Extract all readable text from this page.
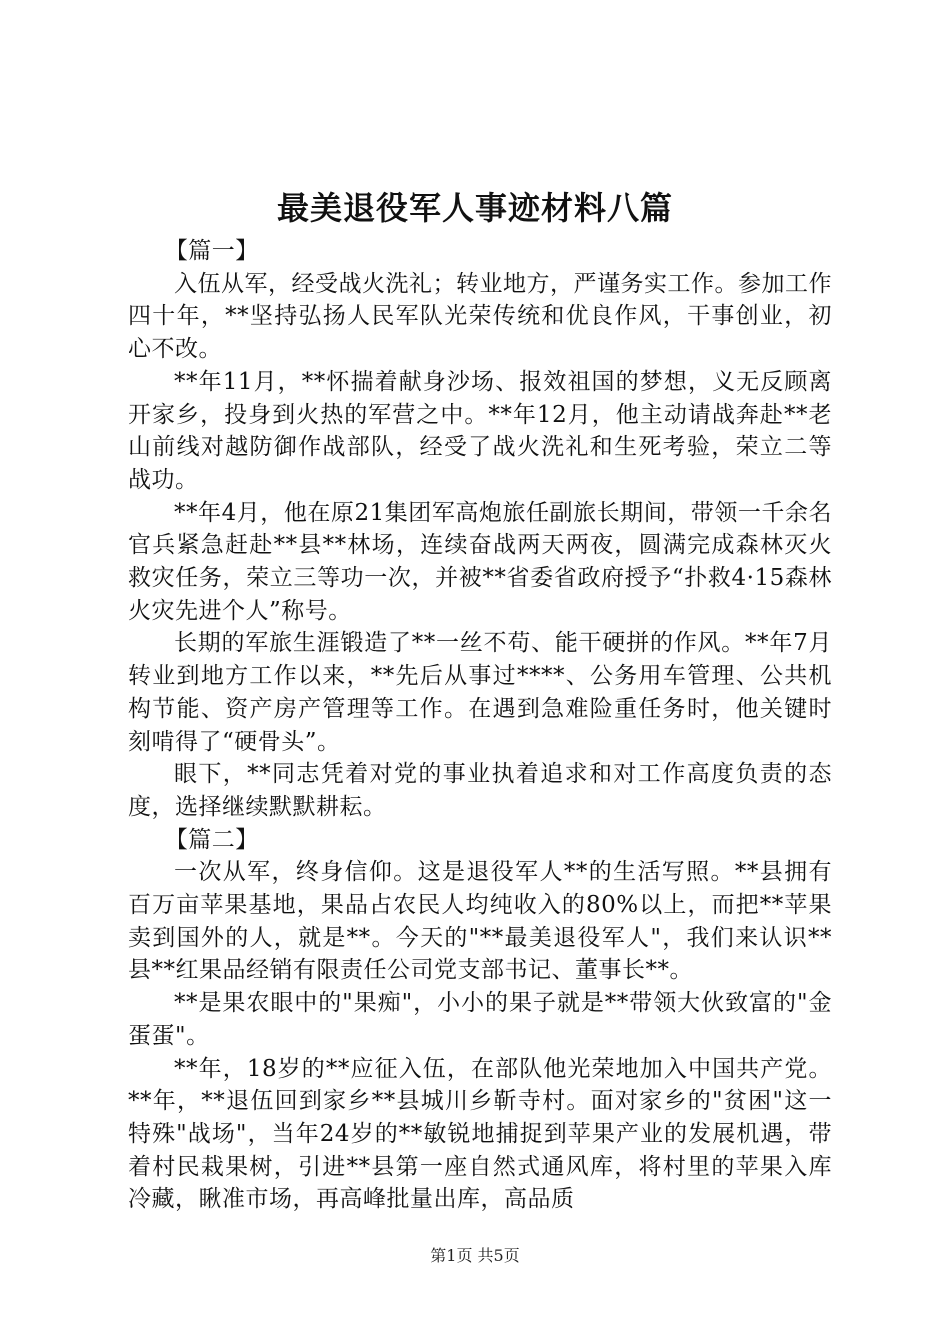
最美退役军人事迹材料八篇

【篇一】

入伍从军，经受战火洗礼；转业地方，严谨务实工作。参加工作四十年，**坚持弘扬人民军队光荣传统和优良作风，干事创业，初心不改。

**年11月，**怀揣着献身沙场、报效祖国的梦想，义无反顾离开家乡，投身到火热的军营之中。**年12月，他主动请战奔赴**老山前线对越防御作战部队，经受了战火洗礼和生死考验，荣立二等战功。

**年4月，他在原21集团军高炮旅任副旅长期间，带领一千余名官兵紧急赶赴**县**林场，连续奋战两天两夜，圆满完成森林灭火救灾任务，荣立三等功一次，并被**省委省政府授予“扑救4·15森林火灾先进个人”称号。

长期的军旅生涯锻造了**一丝不苟、能干硬拼的作风。**年7月转业到地方工作以来，**先后从事过****、公务用车管理、公共机构节能、资产房产管理等工作。在遇到急难险重任务时，他关键时刻啃得了“硬骨头”。

眼下，**同志凭着对党的事业执着追求和对工作高度负责的态度，选择继续默默耕耘。

【篇二】

一次从军，终身信仰。这是退役军人**的生活写照。**县拥有百万亩苹果基地，果品占农民人均纯收入的80%以上，而把**苹果卖到国外的人，就是**。今天的"**最美退役军人"，我们来认识**县**红果品经销有限责任公司党支部书记、董事长**。

**是果农眼中的"果痴"，小小的果子就是**带领大伙致富的"金蛋蛋"。

**年，18岁的**应征入伍，在部队他光荣地加入中国共产党。**年，**退伍回到家乡**县城川乡靳寺村。面对家乡的"贫困"这一特殊"战场"，当年24岁的**敏锐地捕捉到苹果产业的发展机遇，带着村民栽果树，引进**县第一座自然式通风库，将村里的苹果入库冷藏，瞅准市场，再高峰批量出库，高品质

第1页 共5页
